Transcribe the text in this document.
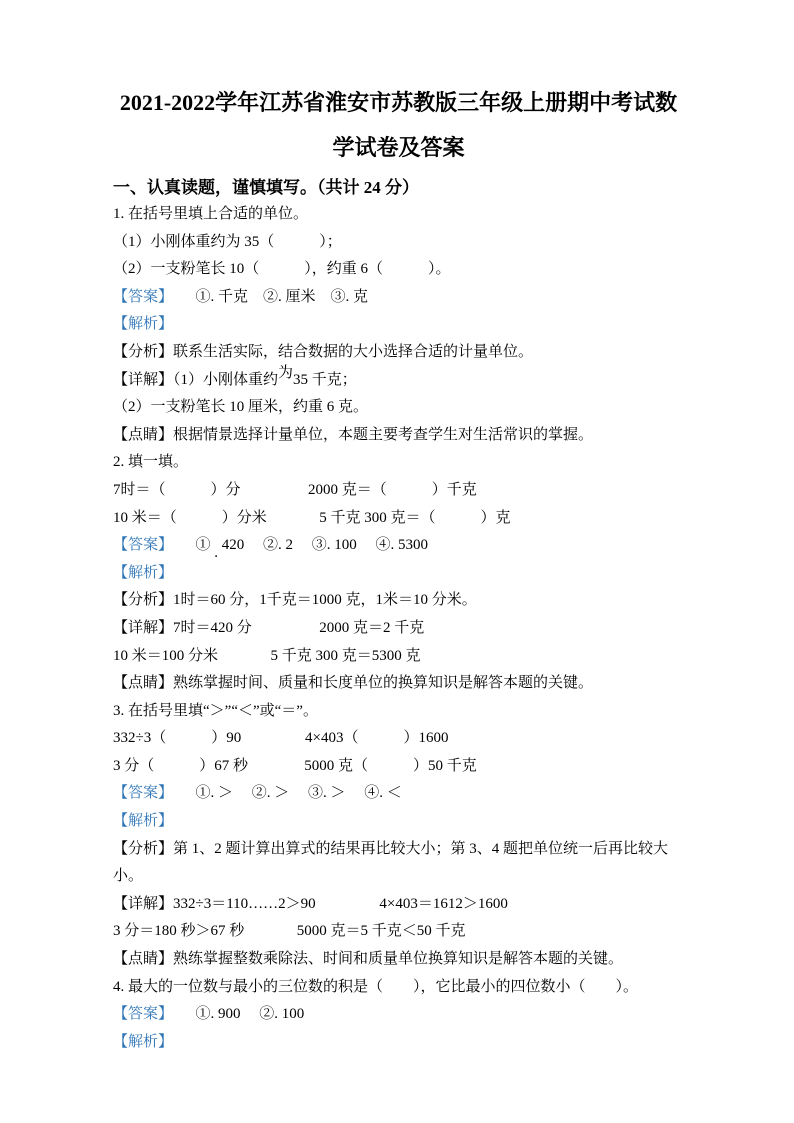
2021-2022学年江苏省淮安市苏教版三年级上册期中考试数
学试卷及答案
一、认真读题，谨慎填写。（共计 24 分）
1. 在括号里填上合适的单位。
（1）小刚体重约为 35（            ）；
（2）一支粉笔长 10（            ），约重 6（            ）。
【答案】      ①. 千克    ②. 厘米    ③. 克
【解析】
【分析】联系生活实际，结合数据的大小选择合适的计量单位。
【详解】（1）小刚体重约为35 千克；
（2）一支粉笔长 10 厘米，约重 6 克。
【点睛】根据情景选择计量单位，本题主要考查学生对生活常识的掌握。
2. 填一填。
7时＝（            ）分                  2000 克＝（            ）千克
10 米＝（            ）分米              5 千克 300 克＝（            ）克
【答案】      ① . 420     ②. 2     ③. 100     ④. 5300
【解析】
【分析】1时＝60 分，1千克＝1000 克，1米＝10 分米。
【详解】7时＝420 分                  2000 克＝2 千克
10 米＝100 分米              5 千克 300 克＝5300 克
【点睛】熟练掌握时间、质量和长度单位的换算知识是解答本题的关键。
3. 在括号里填“＞”“＜”或“＝”。
332÷3（            ）90                 4×403（            ）1600
3 分（            ）67 秒               5000 克（            ）50 千克
【答案】      ①. ＞     ②. ＞     ③. ＞     ④. ＜
【解析】
【分析】第 1、2 题计算出算式的结果再比较大小；第 3、4 题把单位统一后再比较大小。
【详解】332÷3＝110……2＞90                 4×403＝1612＞1600
3 分＝180 秒＞67 秒              5000 克＝5 千克＜50 千克
【点睛】熟练掌握整数乘除法、时间和质量单位换算知识是解答本题的关键。
4. 最大的一位数与最小的三位数的积是（        ），它比最小的四位数小（        ）。
【答案】      ①. 900     ②. 100
【解析】
